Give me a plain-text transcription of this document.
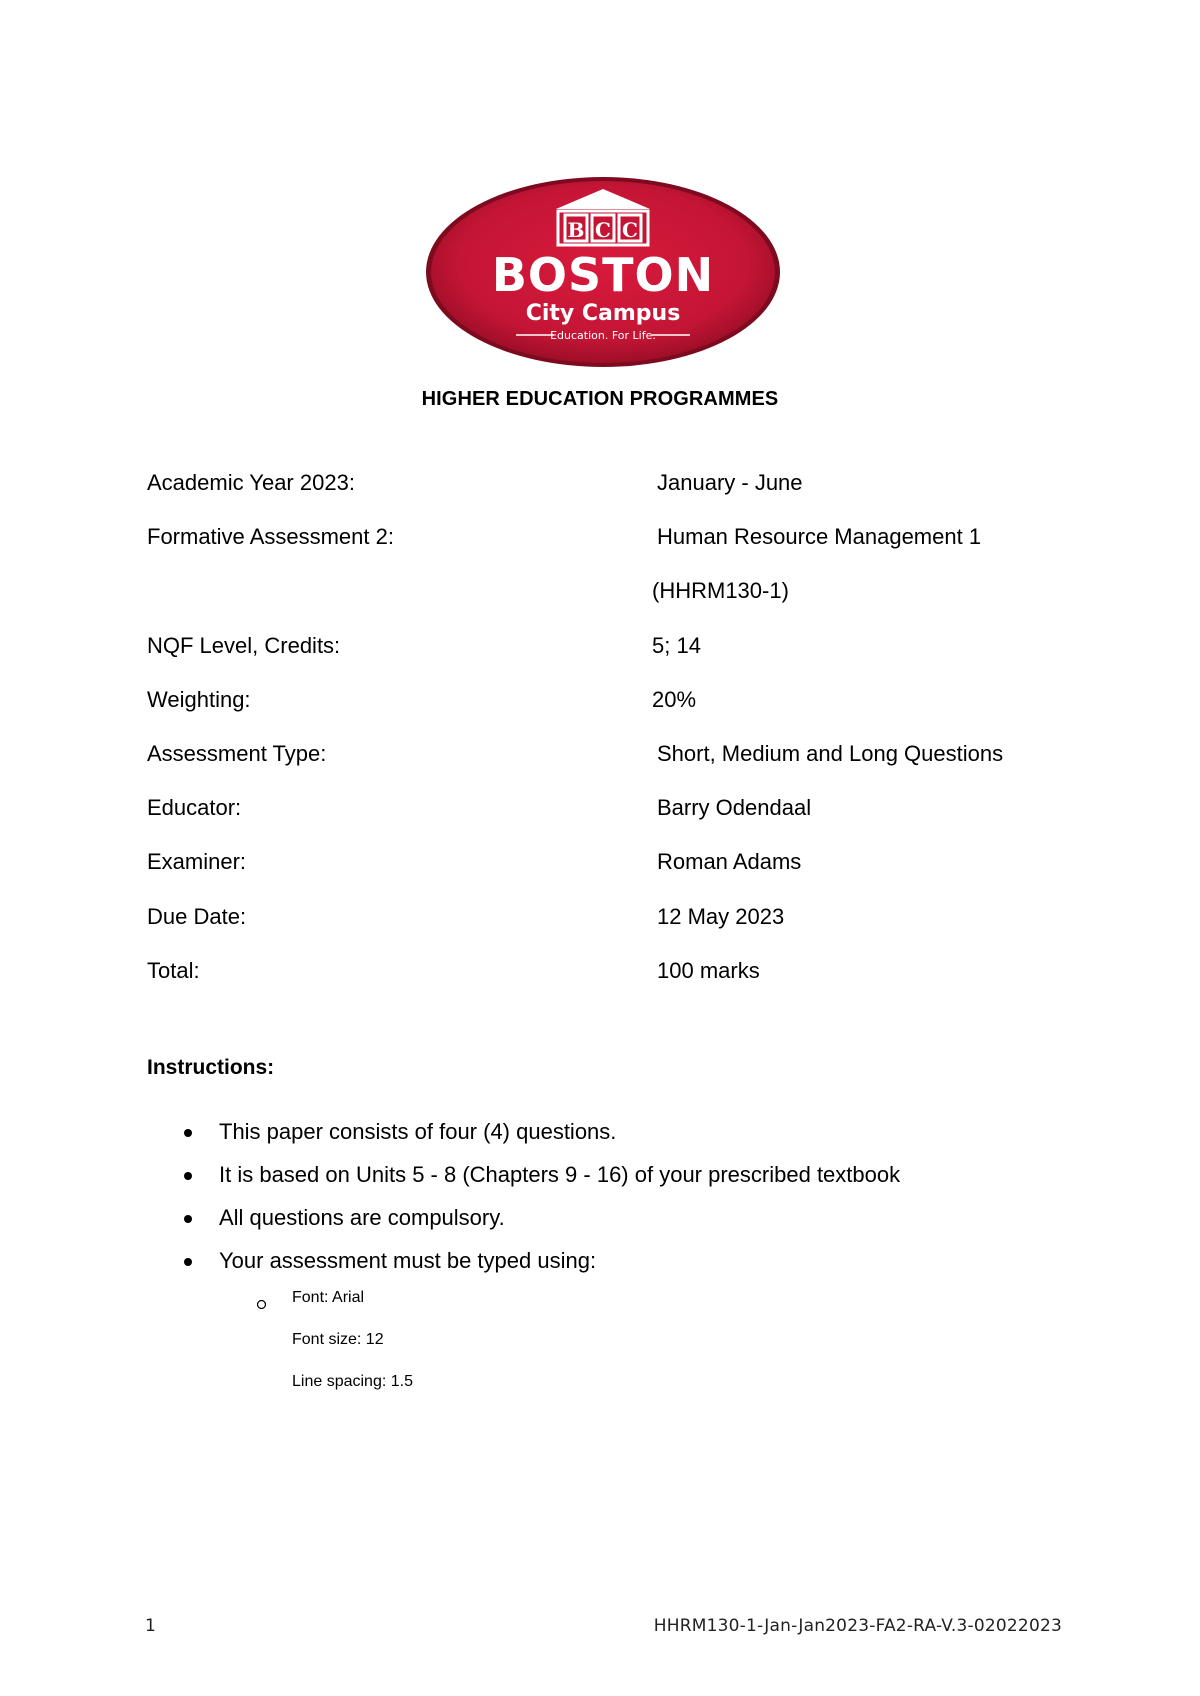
B C C
BOSTON
City Campus
Education. For Life.
HIGHER EDUCATION PROGRAMMES
Academic Year 2023:	January - June
Formative Assessment 2:	Human Resource Management 1
(HHRM130-1)
NQF Level, Credits:	5; 14
Weighting:	20%
Assessment Type:	Short, Medium and Long Questions
Educator:	Barry Odendaal
Examiner:	Roman Adams
Due Date:	12 May 2023
Total:	100 marks
Instructions:
This paper consists of four (4) questions.
It is based on Units 5 - 8 (Chapters 9 - 16) of your prescribed textbook
All questions are compulsory.
Your assessment must be typed using:
Font: Arial
Font size: 12
Line spacing: 1.5
1	HHRM130-1-Jan-Jan2023-FA2-RA-V.3-02022023
